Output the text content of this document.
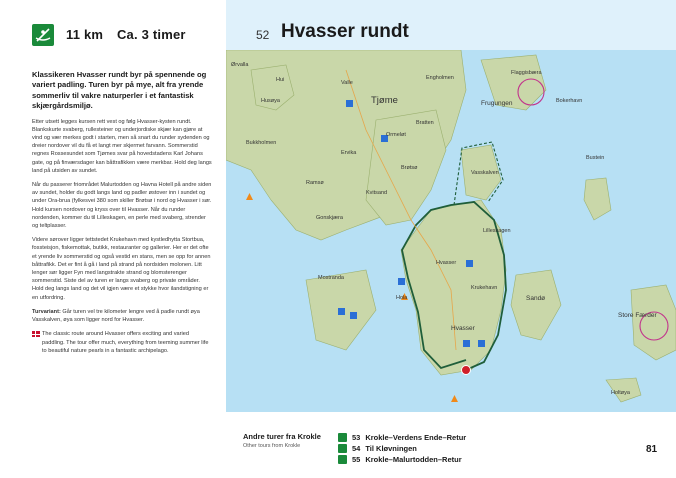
11 km Ca. 3 timer	52 Hvasser rundt

Klassikeren Hvasser rundt byr på spennende og variert padling. Turen byr på mye, alt fra yrende sommerliv til vakre naturperler i et fantastisk skjærgårdsmiljø.

Etter utsett legges kursen rett vest og følg Hvasser-kysten rundt. Blankskurte svaberg, rullesteiner og underjordiske skjær kan gjøre at vind og vær merkes godt i starten, men så snart du runder sydenden og dreier nordover vil du få et langt mer skjermet farvann. Sommerstid regnes Rossesundet som Tjømes svar på hovedstadens Karl Johans gate, og på finværsdager kan båttrafikken være merkbar. Hold deg langs land på utsiden av sundet.

Når du passerer friområdet Malurtodden og Havna Hotell på andre siden av sundet, holder du godt langs land og padler østover inn i sundet og under Ora-brua (fylkesvei 380 som skiller Brøtsø i nord og Hvasser i sør. Hold kursen nordover og kryss over til Hvasser. Når du runder nordenden, kommer du til Lilleskagen, en perle med svaberg, strender og teltplasser.

Videre sørover ligger tettstedet Krukehavn med kystledhytta Stortbua, fossteisjon, fiskemottak, butikk, restauranter og gallerier. Her er det ofte et yrende liv sommerstid og også vestid en stans, men se opp for annen båttrafikk. Det er fint å gå i land på strand på nordsiden molonen. Litt lenger sør ligger Fyn med langstrakte strand og blomsterenger sommerstid. Siste del av turen er langs svaberg og private områder. Hold deg langs land og det vil igjen være et stykke hvor ilandstigning er en utfordring.

Turvariant: Går turen vel tre kilometer lengre ved å padle rundt øya Vasskalven, øya som ligger nord for Hvasser.

The classic route around Hvasser offers exciting and varied paddling. The tour offer much, everything from teeming summer life to beautiful nature pearls in a fantastic archipelago.

Tjøme
Hui
Ormeløt
Brøtsø
Vasskalven
Frugungen
Lilleskagen
Gonskjæra
Mostranda
Hola	Sandø
Hvasser
Store Færder
Bustein
Bokerhavn
Flaggisbæra
Holtøya
Bukkholmen
Ørvalla
Valle
Husøya
Engholmen
Bratten
Kvitsand
Ervika
Ramsø
Hvasser
Krukehavn
Andre turer fra Krokle
Other tours from Krokle
53 Krokle–Verdens Ende–Retur
54 Til Kløvningen
55 Krokle–Malurtodden–Retur
81
